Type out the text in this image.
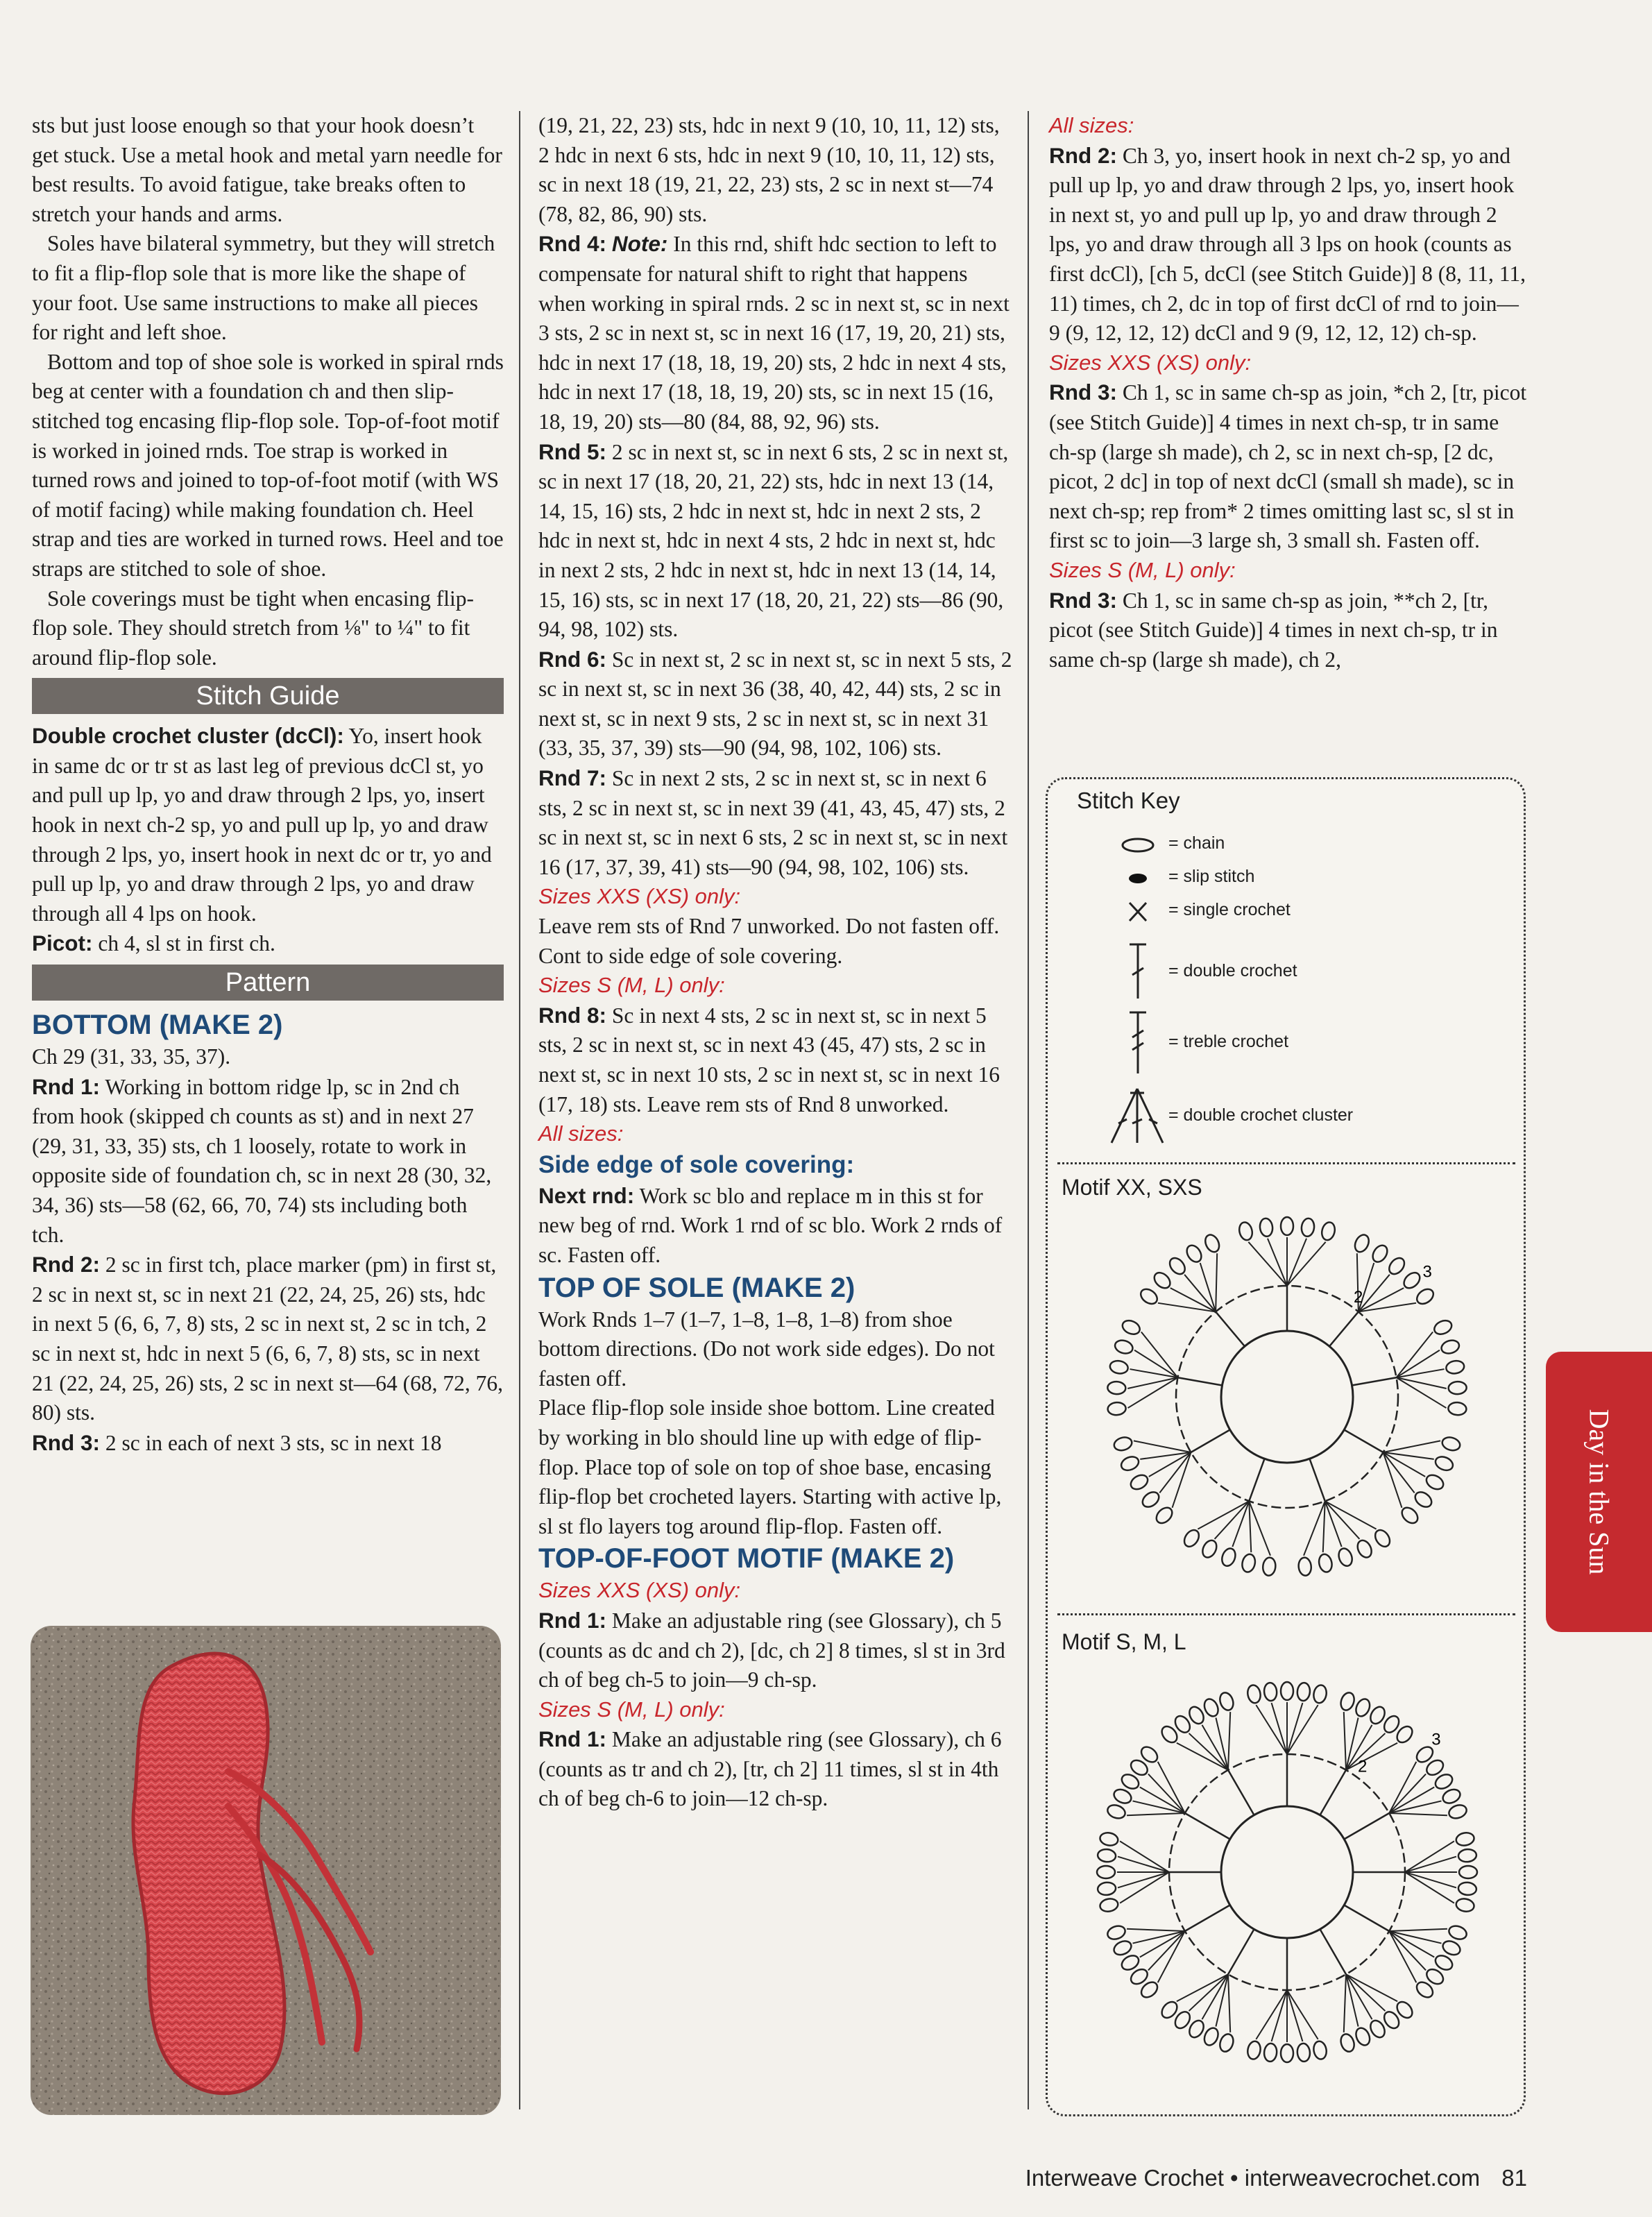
sts but just loose enough so that your hook doesn’t get stuck. Use a metal hook and metal yarn needle for best results. To avoid fatigue, take breaks often to stretch your hands and arms.

Soles have bilateral symmetry, but they will stretch to fit a flip-flop sole that is more like the shape of your foot. Use same instructions to make all pieces for right and left shoe.

Bottom and top of shoe sole is worked in spiral rnds beg at center with a foundation ch and then slip-stitched tog encasing flip-flop sole. Top-of-foot motif is worked in joined rnds. Toe strap is worked in turned rows and joined to top-of-foot motif (with WS of motif facing) while making foundation ch. Heel strap and ties are worked in turned rows. Heel and toe straps are stitched to sole of shoe.

Sole coverings must be tight when encasing flip-flop sole. They should stretch from ⅛" to ¼" to fit around flip-flop sole.

Stitch Guide

Double crochet cluster (dcCl): Yo, insert hook in same dc or tr st as last leg of previous dcCl st, yo and pull up lp, yo and draw through 2 lps, yo, insert hook in next ch-2 sp, yo and pull up lp, yo and draw through 2 lps, yo, insert hook in next dc or tr, yo and pull up lp, yo and draw through 2 lps, yo and draw through all 4 lps on hook.

Picot: ch 4, sl st in first ch.

Pattern
BOTTOM (MAKE 2)

Ch 29 (31, 33, 35, 37).

Rnd 1: Working in bottom ridge lp, sc in 2nd ch from hook (skipped ch counts as st) and in next 27 (29, 31, 33, 35) sts, ch 1 loosely, rotate to work in opposite side of foundation ch, sc in next 28 (30, 32, 34, 36) sts—58 (62, 66, 70, 74) sts including both tch.

Rnd 2: 2 sc in first tch, place marker (pm) in first st, 2 sc in next st, sc in next 21 (22, 24, 25, 26) sts, hdc in next 5 (6, 6, 7, 8) sts, 2 sc in next st, 2 sc in tch, 2 sc in next st, hdc in next 5 (6, 6, 7, 8) sts, sc in next 21 (22, 24, 25, 26) sts, 2 sc in next st—64 (68, 72, 76, 80) sts.

Rnd 3: 2 sc in each of next 3 sts, sc in next 18

(19, 21, 22, 23) sts, hdc in next 9 (10, 10, 11, 12) sts, 2 hdc in next 6 sts, hdc in next 9 (10, 10, 11, 12) sts, sc in next 18 (19, 21, 22, 23) sts, 2 sc in next st—74 (78, 82, 86, 90) sts.

Rnd 4: Note: In this rnd, shift hdc section to left to compensate for natural shift to right that happens when working in spiral rnds. 2 sc in next st, sc in next 3 sts, 2 sc in next st, sc in next 16 (17, 19, 20, 21) sts, hdc in next 17 (18, 18, 19, 20) sts, 2 hdc in next 4 sts, hdc in next 17 (18, 18, 19, 20) sts, sc in next 15 (16, 18, 19, 20) sts—80 (84, 88, 92, 96) sts.

Rnd 5: 2 sc in next st, sc in next 6 sts, 2 sc in next st, sc in next 17 (18, 20, 21, 22) sts, hdc in next 13 (14, 14, 15, 16) sts, 2 hdc in next st, hdc in next 2 sts, 2 hdc in next st, hdc in next 4 sts, 2 hdc in next st, hdc in next 2 sts, 2 hdc in next st, hdc in next 13 (14, 14, 15, 16) sts, sc in next 17 (18, 20, 21, 22) sts—86 (90, 94, 98, 102) sts.

Rnd 6: Sc in next st, 2 sc in next st, sc in next 5 sts, 2 sc in next st, sc in next 36 (38, 40, 42, 44) sts, 2 sc in next st, sc in next 9 sts, 2 sc in next st, sc in next 31 (33, 35, 37, 39) sts—90 (94, 98, 102, 106) sts.

Rnd 7: Sc in next 2 sts, 2 sc in next st, sc in next 6 sts, 2 sc in next st, sc in next 39 (41, 43, 45, 47) sts, 2 sc in next st, sc in next 6 sts, 2 sc in next st, sc in next 16 (17, 37, 39, 41) sts—90 (94, 98, 102, 106) sts.

Sizes XXS (XS) only:

Leave rem sts of Rnd 7 unworked. Do not fasten off. Cont to side edge of sole covering.

Sizes S (M, L) only:

Rnd 8: Sc in next 4 sts, 2 sc in next st, sc in next 5 sts, 2 sc in next st, sc in next 43 (45, 47) sts, 2 sc in next st, sc in next 10 sts, 2 sc in next st, sc in next 16 (17, 18) sts. Leave rem sts of Rnd 8 unworked.

All sizes:

Side edge of sole covering:

Next rnd: Work sc blo and replace m in this st for new beg of rnd. Work 1 rnd of sc blo. Work 2 rnds of sc. Fasten off.

TOP OF SOLE (MAKE 2)

Work Rnds 1–7 (1–7, 1–8, 1–8, 1–8) from shoe bottom directions. (Do not work side edges). Do not fasten off.

Place flip-flop sole inside shoe bottom. Line created by working in blo should line up with edge of flip-flop. Place top of sole on top of shoe base, encasing flip-flop bet crocheted layers. Starting with active lp, sl st flo layers tog around flip-flop. Fasten off.

TOP-OF-FOOT MOTIF (MAKE 2)

Sizes XXS (XS) only:

Rnd 1: Make an adjustable ring (see Glossary), ch 5 (counts as dc and ch 2), [dc, ch 2] 8 times, sl st in 3rd ch of beg ch-5 to join—9 ch-sp.

Sizes S (M, L) only:

Rnd 1: Make an adjustable ring (see Glossary), ch 6 (counts as tr and ch 2), [tr, ch 2] 11 times, sl st in 4th ch of beg ch-6 to join—12 ch-sp.

All sizes:

Rnd 2: Ch 3, yo, insert hook in next ch-2 sp, yo and pull up lp, yo and draw through 2 lps, yo, insert hook in next st, yo and pull up lp, yo and draw through 2 lps, yo and draw through all 3 lps on hook (counts as first dcCl), [ch 5, dcCl (see Stitch Guide)] 8 (8, 11, 11, 11) times, ch 2, dc in top of first dcCl of rnd to join—9 (9, 12, 12, 12) dcCl and 9 (9, 12, 12, 12) ch-sp.

Sizes XXS (XS) only:

Rnd 3: Ch 1, sc in same ch-sp as join, *ch 2, [tr, picot (see Stitch Guide)] 4 times in next ch-sp, tr in same ch-sp (large sh made), ch 2, sc in next ch-sp, [2 dc, picot, 2 dc] in top of next dcCl (small sh made), sc in next ch-sp; rep from* 2 times omitting last sc, sl st in first sc to join—3 large sh, 3 small sh. Fasten off.

Sizes S (M, L) only:

Rnd 3: Ch 1, sc in same ch-sp as join, **ch 2, [tr, picot (see Stitch Guide)] 4 times in next ch-sp, tr in same ch-sp (large sh made), ch 2,

Stitch Key
= chain
= slip stitch
= single crochet
= double crochet
= treble crochet
= double crochet cluster
Motif XX, SXS
2
3
Motif S, M, L
2
3
Day in the Sun
Interweave Crochet • interweavecrochet.com 81
